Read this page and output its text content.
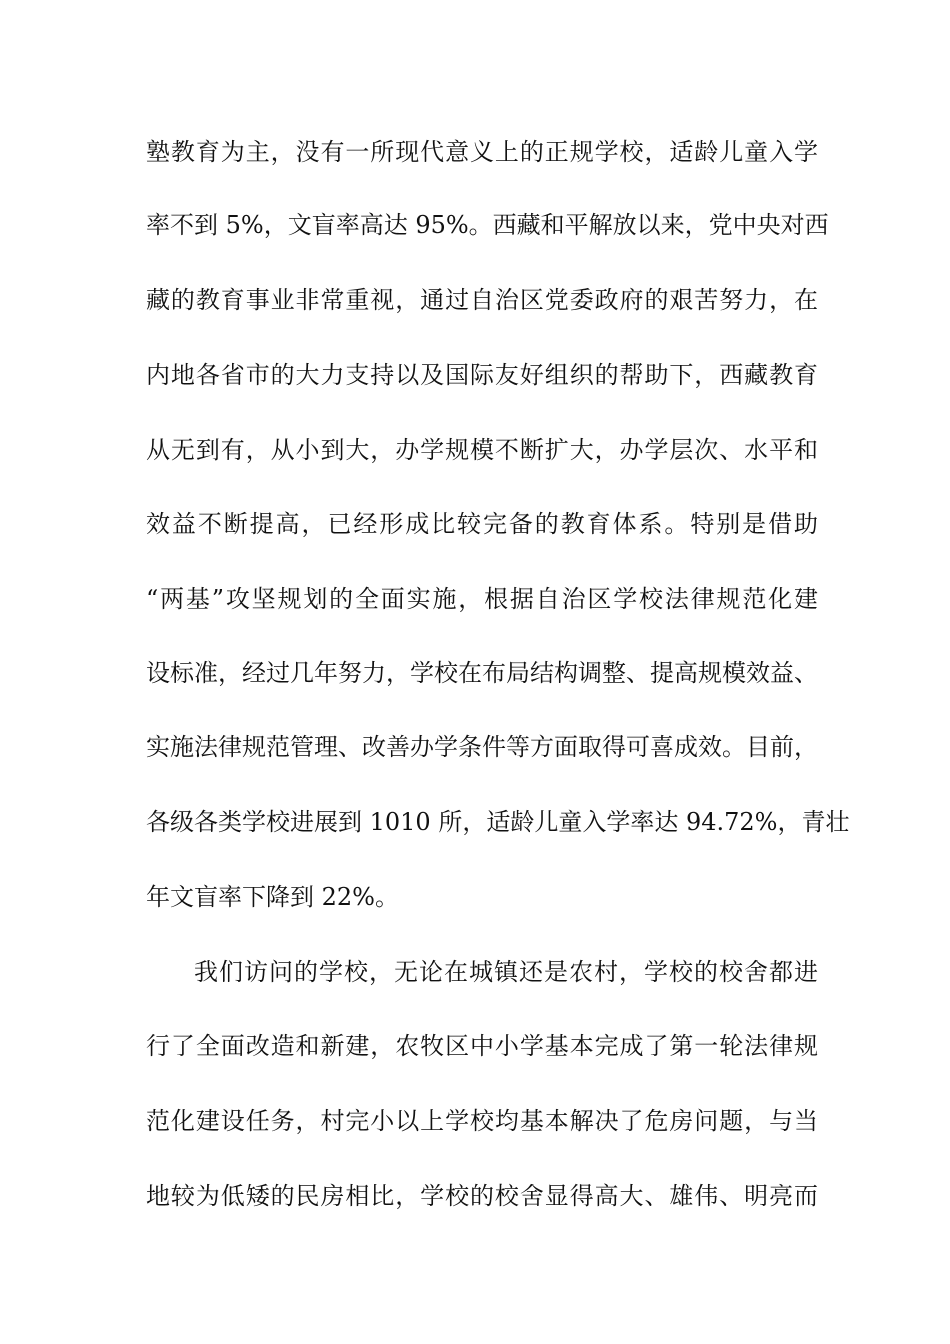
塾教育为主，没有一所现代意义上的正规学校，适龄儿童入学
率不到 5%，文盲率高达 95%。西藏和平解放以来，党中央对西
藏的教育事业非常重视，通过自治区党委政府的艰苦努力，在
内地各省市的大力支持以及国际友好组织的帮助下，西藏教育
从无到有，从小到大，办学规模不断扩大，办学层次、水平和
效益不断提高，已经形成比较完备的教育体系。特别是借助
“两基”攻坚规划的全面实施，根据自治区学校法律规范化建
设标准，经过几年努力，学校在布局结构调整、提高规模效益、
实施法律规范管理、改善办学条件等方面取得可喜成效。目前，
各级各类学校进展到 1010 所，适龄儿童入学率达 94.72%，青壮
年文盲率下降到 22%。
我们访问的学校，无论在城镇还是农村，学校的校舍都进
行了全面改造和新建，农牧区中小学基本完成了第一轮法律规
范化建设任务，村完小以上学校均基本解决了危房问题，与当
地较为低矮的民房相比，学校的校舍显得高大、雄伟、明亮而
